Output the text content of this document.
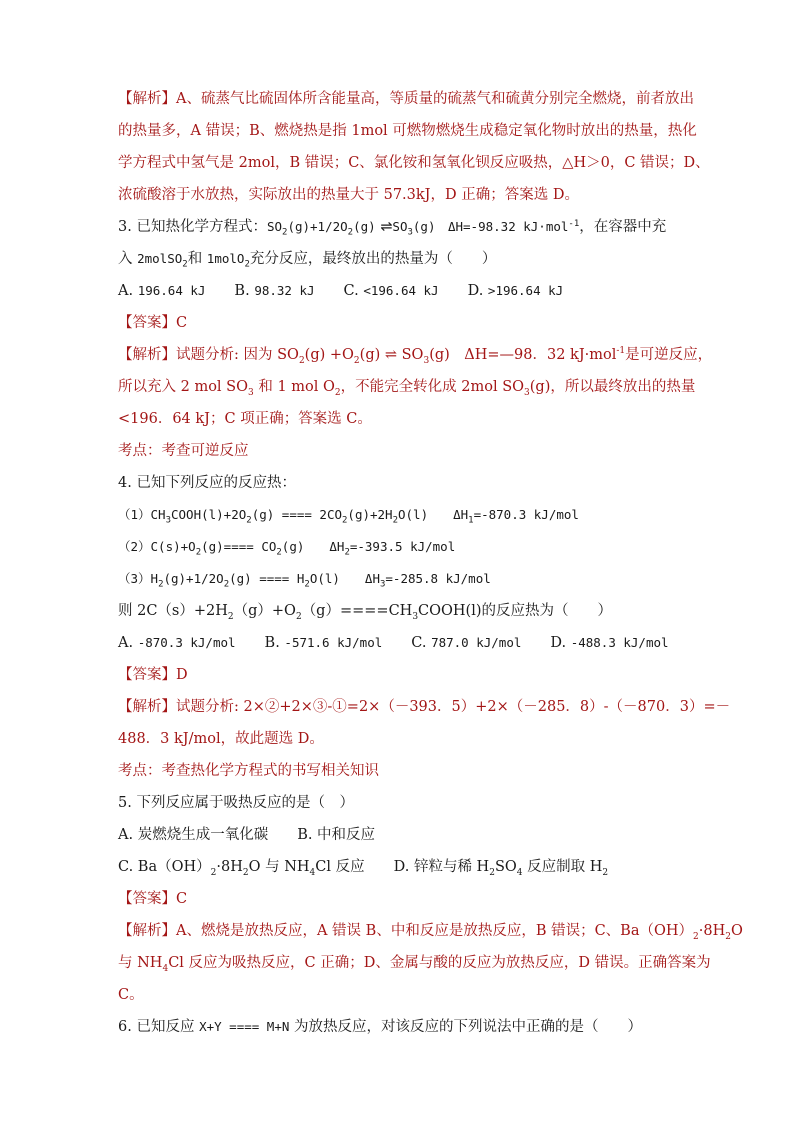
【解析】A、硫蒸气比硫固体所含能量高，等质量的硫蒸气和硫黄分别完全燃烧，前者放出
的热量多，A 错误；B、燃烧热是指 1mol 可燃物燃烧生成稳定氧化物时放出的热量，热化
学方程式中氢气是 2mol，B 错误；C、氯化铵和氢氧化钡反应吸热，△H＞0，C 错误；D、
浓硫酸溶于水放热，实际放出的热量大于 57.3kJ，D 正确；答案选 D。
3. 已知热化学方程式：$SO_2(g)+1/2O_2(g)$ $\rightleftharpoons SO_3(g)$　ΔH=-98.32 kJ·mol$^{-1}$，在容器中充
入 2molSO$_2$和 1molO$_2$充分反应，最终放出的热量为（　　）
A. 196.64 kJ　　B. 98.32 kJ　　C. <196.64 kJ　　D. >196.64 kJ
【答案】C
【解析】试题分析: 因为 $SO_2(g) +O_2(g)$ ⇌ $SO_3(g)$　ΔH=—98．32 kJ·mol$^{-1}$是可逆反应，
所以充入 2 mol $SO_3$ 和 1 mol $O_2$，不能完全转化成 2mol $SO_3(g)$，所以最终放出的热量
<196．64 kJ；C 项正确；答案选 C。
考点：考查可逆反应
4. 已知下列反应的反应热：
$(1)CH_3COOH(l)+2O_2(g)$ ==== $2CO_2(g)+2H_2O(l)$　　$\Delta H_1=-870.3$ kJ/mol
$(2)C(s)+O_2(g)==== CO_2(g)$　　$\Delta H_2=-393.5$ kJ/mol
$(3)H_2(g)+1/2O_2(g)$ ==== $H_2O(l)$　　$\Delta H_3=-285.8$ kJ/mol
则 $2C(s)+2H_2(g)+O_2(g)====CH_3COOH(l)$的反应热为（　　）
A. -870.3 kJ/mol　　B. -571.6 kJ/mol　　C. 787.0 kJ/mol　　D. -488.3 kJ/mol
【答案】D
【解析】试题分析: 2×②+2×③-①=2×（－393．5）+2×（－285．8）-（－870．3）=－
488．3 kJ/mol，故此题选 D。
考点：考查热化学方程式的书写相关知识
5. 下列反应属于吸热反应的是（　）
A. 炭燃烧生成一氧化碳　　B. 中和反应
C. $Ba(OH)_2\cdot 8H_2O$ 与 $NH_4Cl$ 反应　　D. 锌粒与稀 $H_2SO_4$ 反应制取 $H_2$
【答案】C
【解析】A、燃烧是放热反应，A 错误 B、中和反应是放热反应，B 错误；C、$Ba(OH)_2\cdot 8H_2O$
与 $NH_4Cl$ 反应为吸热反应，C 正确；D、金属与酸的反应为放热反应，D 错误。正确答案为
C。
6. 已知反应 X+Y ==== M+N 为放热反应，对该反应的下列说法中正确的是（　　）
